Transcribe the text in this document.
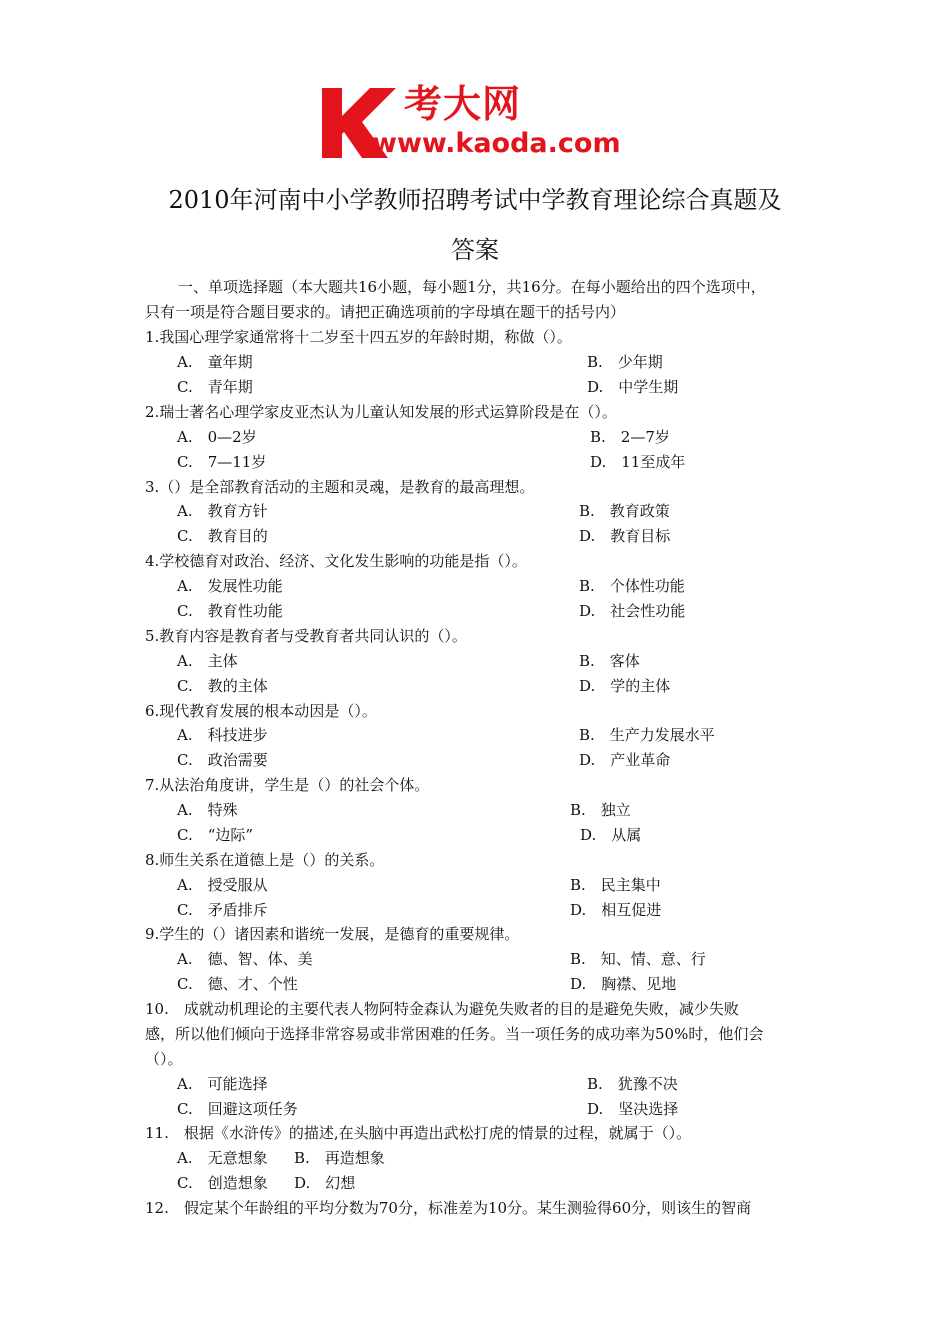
考大网
www.kaoda.com
2010年河南中小学教师招聘考试中学教育理论综合真题及
答案
一、单项选择题（本大题共16小题，每小题1分，共16分。在每小题给出的四个选项中，
只有一项是符合题目要求的。请把正确选项前的字母填在题干的括号内）
1.我国心理学家通常将十二岁至十四五岁的年龄时期，称做（）。
A.　童年期	B.　少年期
C.　青年期	D.　中学生期
2.瑞士著名心理学家皮亚杰认为儿童认知发展的形式运算阶段是在（）。
A.　0—2岁	B.　2—7岁
C.　7—11岁	D.　11至成年
3.（）是全部教育活动的主题和灵魂，是教育的最高理想。
A.　教育方针	B.　教育政策
C.　教育目的	D.　教育目标
4.学校德育对政治、经济、文化发生影响的功能是指（）。
A.　发展性功能	B.　个体性功能
C.　教育性功能	D.　社会性功能
5.教育内容是教育者与受教育者共同认识的（）。
A.　主体	B.　客体
C.　教的主体	D.　学的主体
6.现代教育发展的根本动因是（）。
A.　科技进步	B.　生产力发展水平
C.　政治需要	D.　产业革命
7.从法治角度讲，学生是（）的社会个体。
A.　特殊	B.　独立
C.　“边际”	D.　从属
8.师生关系在道德上是（）的关系。
A.　授受服从	B.　民主集中
C.　矛盾排斥	D.　相互促进
9.学生的（）诸因素和谐统一发展，是德育的重要规律。
A.　德、智、体、美	B.　知、情、意、行
C.　德、才、个性	D.　胸襟、见地
10.　成就动机理论的主要代表人物阿特金森认为避免失败者的目的是避免失败，减少失败
感，所以他们倾向于选择非常容易或非常困难的任务。当一项任务的成功率为50%时，他们会
（）。
A.　可能选择	B.　犹豫不决
C.　回避这项任务	D.　坚决选择
11.　根据《水浒传》的描述,在头脑中再造出武松打虎的情景的过程，就属于（）。
A.　无意想象 B.　再造想象
C.　创造想象 D.　幻想
12.　假定某个年龄组的平均分数为70分，标准差为10分。某生测验得60分，则该生的智商
